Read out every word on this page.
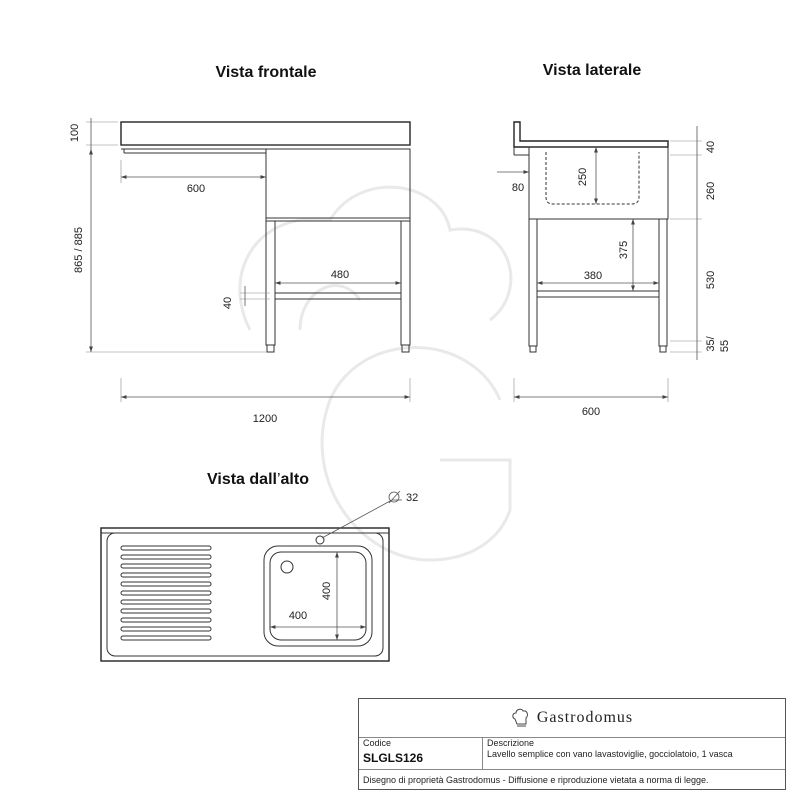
Vista frontale
100
865 / 885
600
480
40
1200
Vista laterale
80
250
375
380
40
260
530
35/ 55
600
Vista dall’alto
32
400
400
Gastrodomus
Codice
SLGLS126
Descrizione
Lavello semplice con vano lavastoviglie, gocciolatoio, 1 vasca
Disegno di proprietà Gastrodomus - Diffusione e riproduzione vietata a norma di legge.
